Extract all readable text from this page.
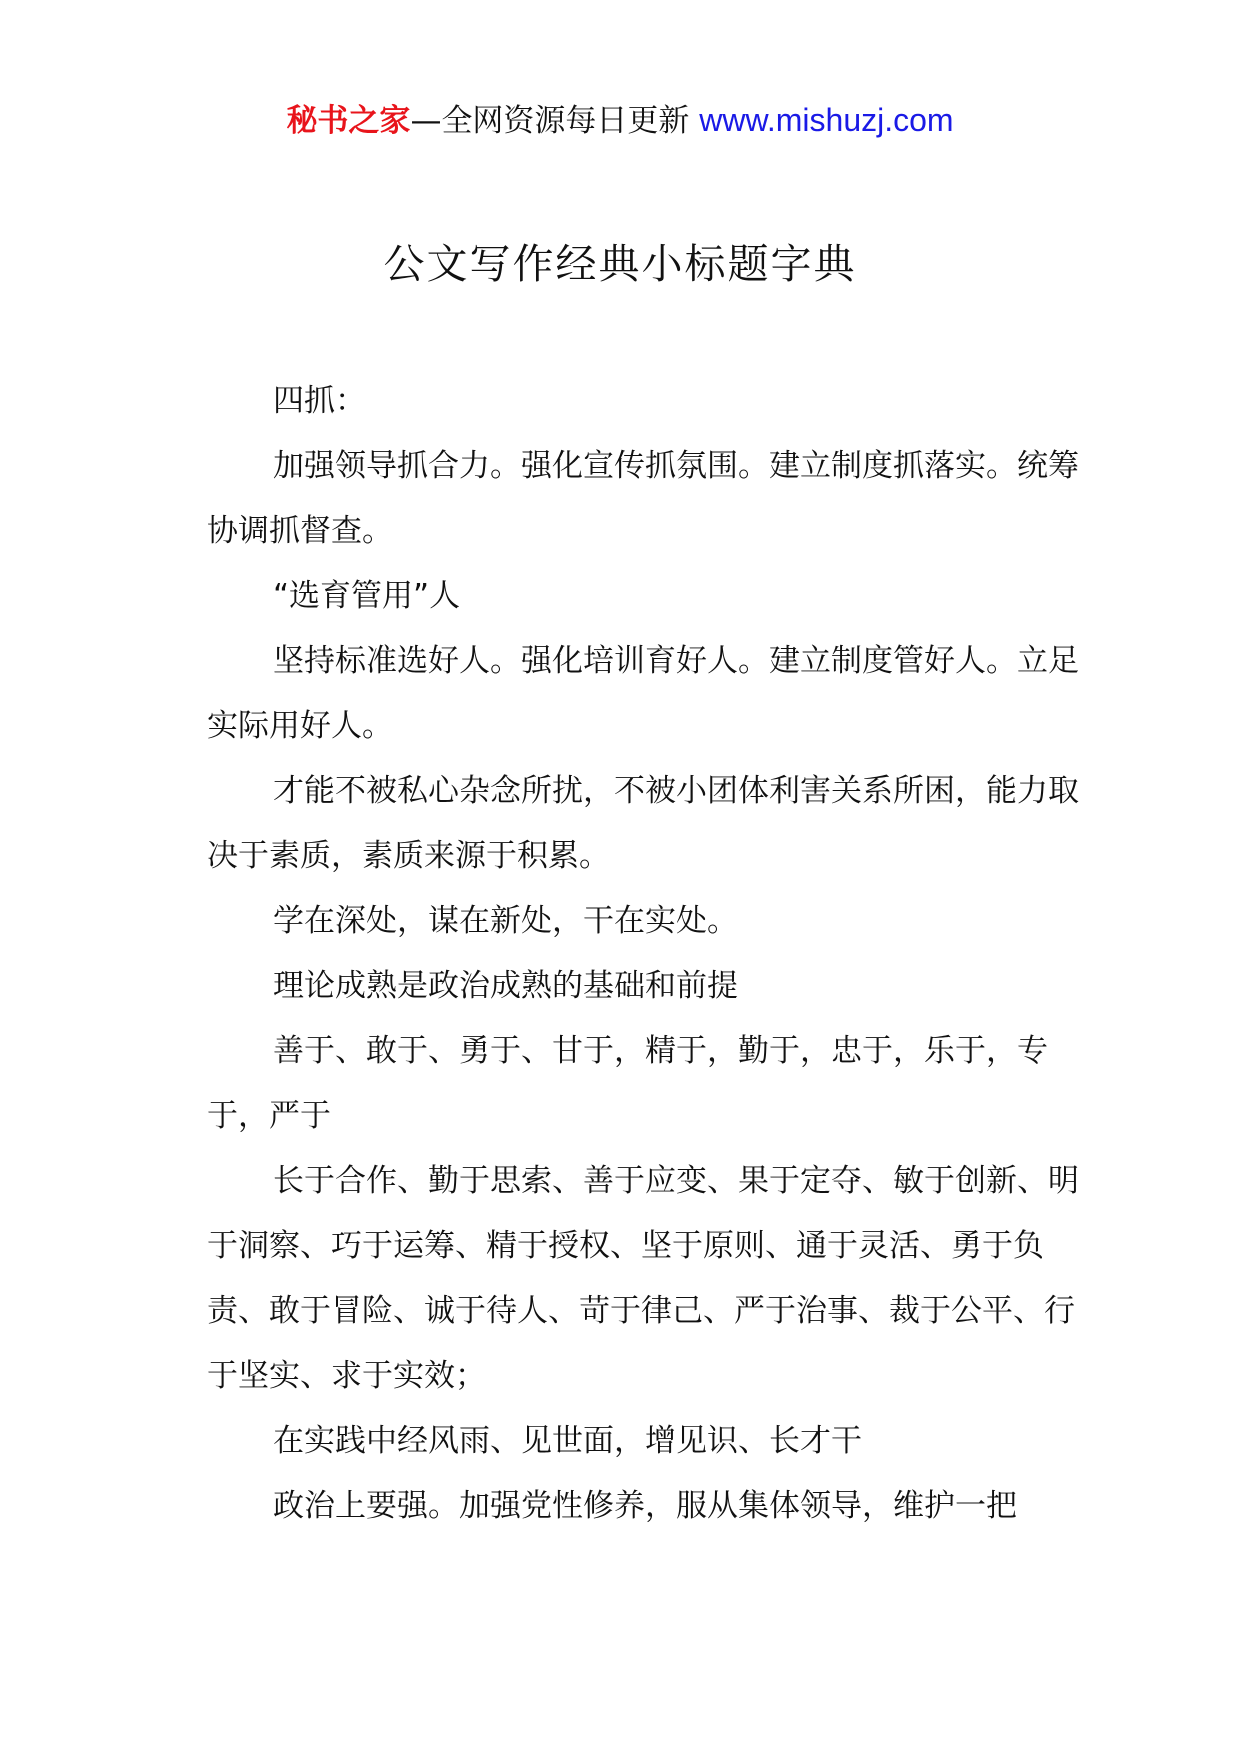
秘书之家—全网资源每日更新 www.mishuzj.com
公文写作经典小标题字典

四抓：

加强领导抓合力。强化宣传抓氛围。建立制度抓落实。统筹协调抓督查。

“选育管用”人

坚持标准选好人。强化培训育好人。建立制度管好人。立足实际用好人。

才能不被私心杂念所扰，不被小团体利害关系所困，能力取决于素质，素质来源于积累。

学在深处，谋在新处，干在实处。

理论成熟是政治成熟的基础和前提

善于、敢于、勇于、甘于，精于，勤于，忠于，乐于，专于，严于

长于合作、勤于思索、善于应变、果于定夺、敏于创新、明于洞察、巧于运筹、精于授权、坚于原则、通于灵活、勇于负责、敢于冒险、诚于待人、苛于律己、严于治事、裁于公平、行于坚实、求于实效；

在实践中经风雨、见世面，增见识、长才干

政治上要强。加强党性修养，服从集体领导，维护一把
